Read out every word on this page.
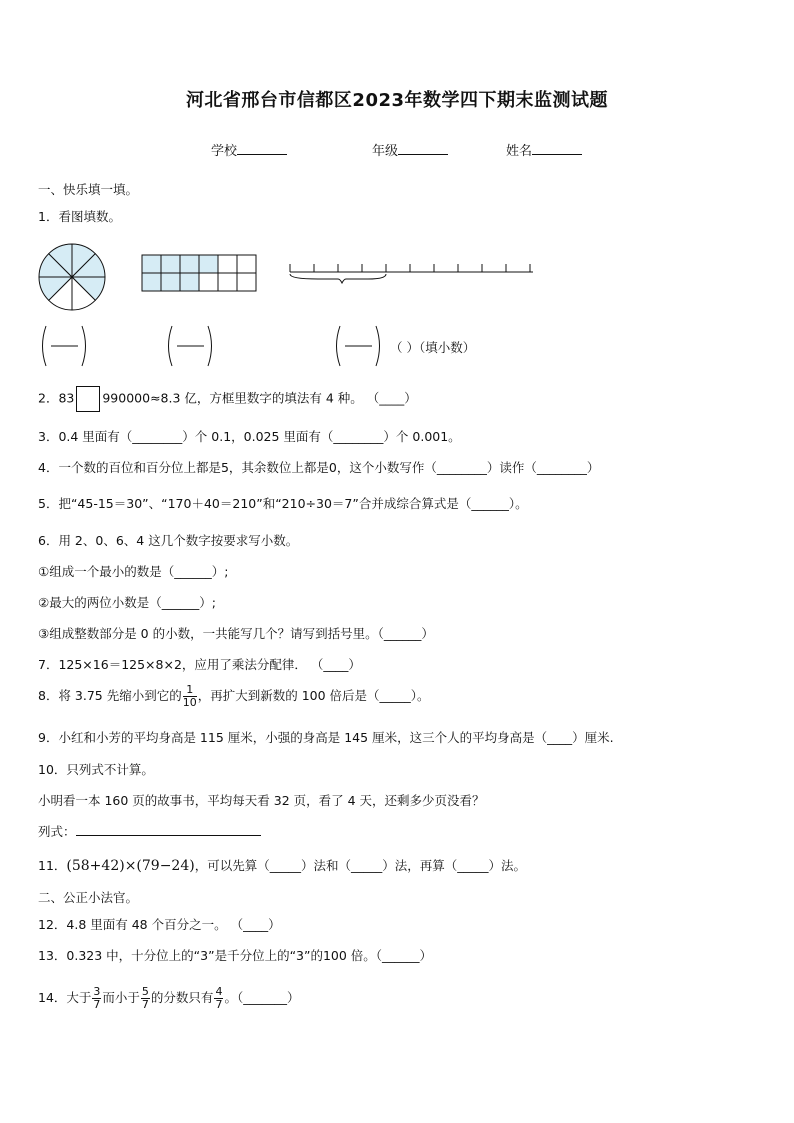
河北省邢台市信都区2023年数学四下期末监测试题
学校	年级	姓名
一、快乐填一填。
1．看图填数。
（ ）（填小数）
2．83 990000≈8.3 亿，方框里数字的填法有 4 种。 （____）
3．0.4 里面有（________）个 0.1，0.025 里面有（________）个 0.001。
4．一个数的百位和百分位上都是5，其余数位上都是0，这个小数写作（________）读作（________）
5．把“45-15＝30”、“170＋40＝210”和“210÷30＝7”合并成综合算式是（______）。
6．用 2、0、6、4 这几个数字按要求写小数。
①组成一个最小的数是（______）;
②最大的两位小数是（______）;
③组成整数部分是 0 的小数，一共能写几个？请写到括号里。（______）
7．125×16＝125×8×2，应用了乘法分配律． （____）
8．将 3.75 先缩小到它的 $\frac{1}{10}$ ，再扩大到新数的 100 倍后是（_____）。
9．小红和小芳的平均身高是 115 厘米，小强的身高是 145 厘米，这三个人的平均身高是（____）厘米.
10．只列式不计算。
小明看一本 160 页的故事书，平均每天看 32 页，看了 4 天，还剩多少页没看？
列式：
11．(58+42)×(79−24)，可以先算（_____）法和（_____）法，再算（_____）法。
二、公正小法官。
12．4.8 里面有 48 个百分之一。 （____）
13．0.323 中，十分位上的“3”是千分位上的“3”的100 倍。（______）
14．大于 $\frac{3}{7}$ 而小于 $\frac{5}{7}$ 的分数只有 $\frac{4}{7}$ 。（_______）
